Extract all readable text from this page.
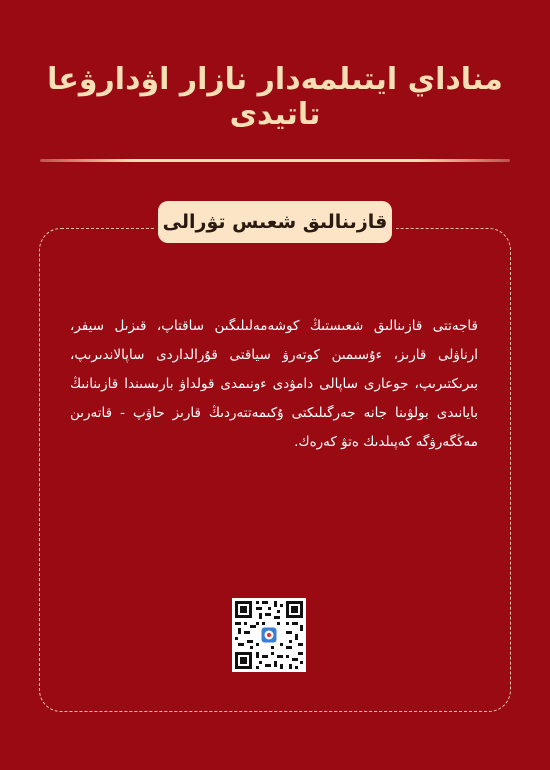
مناداي ايتىلمەدار نازار اۋدارۋعا تاتيدى
قازىنالىق شعىس تۋرالى

قاجەتتى قازىنالىق شعىستىڭ كوشەمەلىلىگىن ساقتاپ، قىزىل سيفر، ارناۋلى قارىز، ءۇسىمىن كوتەرۋ سياقتى قۇرالداردى ساپالاندىرىپ، بىرىكتىرىپ، جوعارى ساپالى دامۋدى ءونىمدى قولداۋ بارىسىندا قازىنانىڭ بايانىدى بولۋىنا جانە جەرگىلىكتى ۇكىمەتتەردىڭ قارىز حاۋپ - قاتەرىن مەڭگەرۋگە كەپىلدىك ەتۋ كەرەك.
